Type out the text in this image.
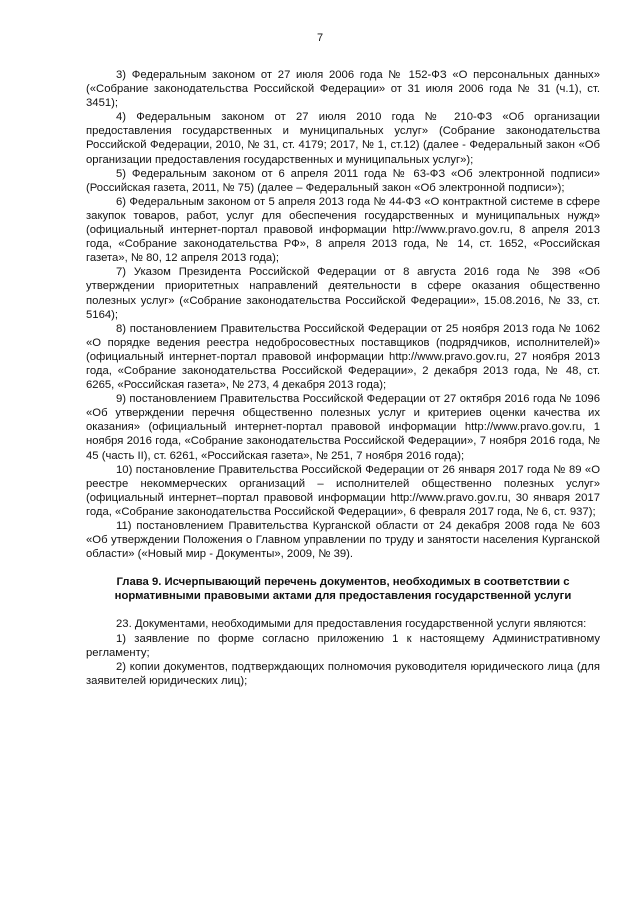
7

3) Федеральным законом от 27 июля 2006 года № 152-ФЗ «О персональных данных» («Собрание законодательства Российской Федерации» от 31 июля 2006 года № 31 (ч.1), ст. 3451);

4) Федеральным законом от 27 июля 2010 года № 210-ФЗ «Об организации предоставления государственных и муниципальных услуг» (Собрание законодательства Российской Федерации, 2010, № 31, ст. 4179; 2017, № 1, ст.12) (далее - Федеральный закон «Об организации предоставления государственных и муниципальных услуг»);

5) Федеральным законом от 6 апреля 2011 года № 63-ФЗ «Об электронной подписи» (Российская газета, 2011, № 75) (далее – Федеральный закон «Об электронной подписи»);

6) Федеральным законом от 5 апреля 2013 года № 44-ФЗ «О контрактной системе в сфере закупок товаров, работ, услуг для обеспечения государственных и муниципальных нужд» (официальный интернет-портал правовой информации http://www.pravo.gov.ru, 8 апреля 2013 года, «Собрание законодательства РФ», 8 апреля 2013 года, № 14, ст. 1652, «Российская газета», № 80, 12 апреля 2013 года);

7) Указом Президента Российской Федерации от 8 августа 2016 года № 398 «Об утверждении приоритетных направлений деятельности в сфере оказания общественно полезных услуг» («Собрание законодательства Российской Федерации», 15.08.2016, № 33, ст. 5164);

8) постановлением Правительства Российской Федерации от 25 ноября 2013 года № 1062 «О порядке ведения реестра недобросовестных поставщиков (подрядчиков, исполнителей)» (официальный интернет-портал правовой информации http://www.pravo.gov.ru, 27 ноября 2013 года, «Собрание законодательства Российской Федерации», 2 декабря 2013 года, № 48, ст. 6265, «Российская газета», № 273, 4 декабря 2013 года);

9) постановлением Правительства Российской Федерации от 27 октября 2016 года № 1096 «Об утверждении перечня общественно полезных услуг и критериев оценки качества их оказания» (официальный интернет-портал правовой информации http://www.pravo.gov.ru, 1 ноября 2016 года, «Собрание законодательства Российской Федерации», 7 ноября 2016 года, № 45 (часть II), ст. 6261, «Российская газета», № 251, 7 ноября 2016 года);

10) постановление Правительства Российской Федерации от 26 января 2017 года № 89 «О реестре некоммерческих организаций – исполнителей общественно полезных услуг» (официальный интернет–портал правовой информации http://www.pravo.gov.ru, 30 января 2017 года, «Собрание законодательства Российской Федерации», 6 февраля 2017 года, № 6, ст. 937);

11) постановлением Правительства Курганской области от 24 декабря 2008 года № 603 «Об утверждении Положения о Главном управлении по труду и занятости населения Курганской области» («Новый мир - Документы», 2009, № 39).

Глава 9. Исчерпывающий перечень документов, необходимых в соответствии с нормативными правовыми актами для предоставления государственной услуги

23. Документами, необходимыми для предоставления государственной услуги являются:

1) заявление по форме согласно приложению 1 к настоящему Административному регламенту;

2) копии документов, подтверждающих полномочия руководителя юридического лица (для заявителей юридических лиц);
